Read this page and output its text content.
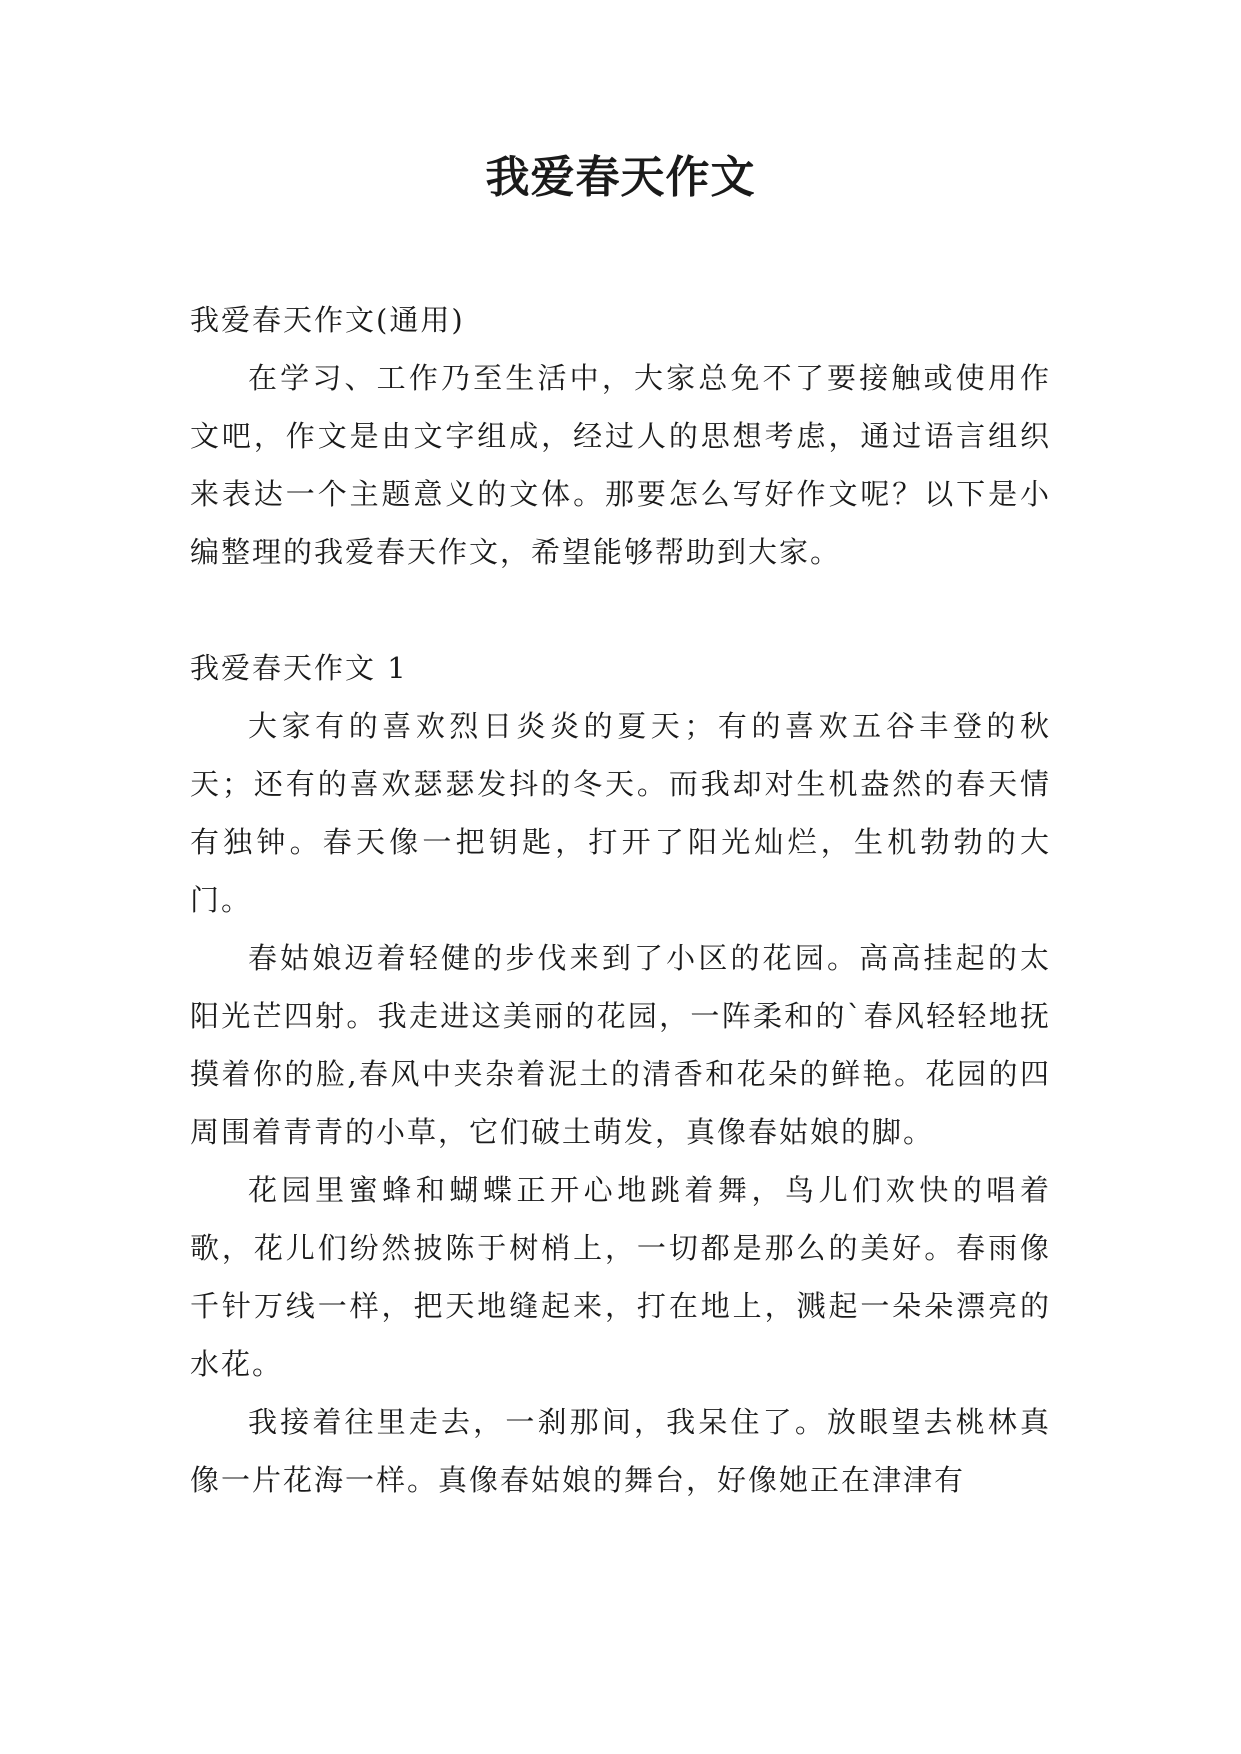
我爱春天作文

我爱春天作文(通用)

在学习、工作乃至生活中，大家总免不了要接触或使用作文吧，作文是由文字组成，经过人的思想考虑，通过语言组织来表达一个主题意义的文体。那要怎么写好作文呢？以下是小编整理的我爱春天作文，希望能够帮助到大家。

我爱春天作文 1

大家有的喜欢烈日炎炎的夏天；有的喜欢五谷丰登的秋天；还有的喜欢瑟瑟发抖的冬天。而我却对生机盎然的春天情有独钟。春天像一把钥匙，打开了阳光灿烂，生机勃勃的大门。

春姑娘迈着轻健的步伐来到了小区的花园。高高挂起的太阳光芒四射。我走进这美丽的花园，一阵柔和的`春风轻轻地抚摸着你的脸,春风中夹杂着泥土的清香和花朵的鲜艳。花园的四周围着青青的小草，它们破土萌发，真像春姑娘的脚。

花园里蜜蜂和蝴蝶正开心地跳着舞，鸟儿们欢快的唱着歌，花儿们纷然披陈于树梢上，一切都是那么的美好。春雨像千针万线一样，把天地缝起来，打在地上，溅起一朵朵漂亮的水花。

我接着往里走去，一刹那间，我呆住了。放眼望去桃林真像一片花海一样。真像春姑娘的舞台，好像她正在津津有
